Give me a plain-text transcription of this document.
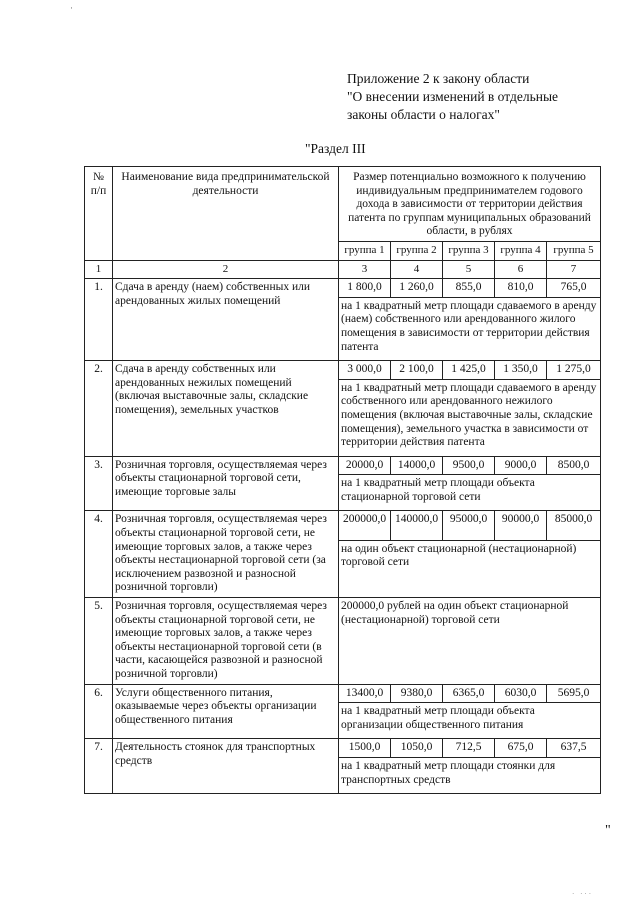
·
Приложение 2 к закону области
"О внесении изменений в отдельные
законы области о налогах"
"Раздел III
№ п/п	Наименование вида предпринимательской деятельности	Размер потенциально возможного к получению индивидуальным предпринимателем годового дохода в зависимости от территории действия патента по группам муниципальных образований области, в рублях				
		группа 1	группа 2	группа 3	группа 4	группа 5
1	2	3	4	5	6	7
1.	Сдача в аренду (наем) собственных или арендованных жилых помещений	1 800,0	1 260,0	855,0	810,0	765,0
		на 1 квадратный метр площади сдаваемого в аренду (наем) собственного или арендованного жилого помещения в зависимости от территории действия патента				
2.	Сдача в аренду собственных или арендованных нежилых помещений (включая выставочные залы, складские помещения), земельных участков	3 000,0	2 100,0	1 425,0	1 350,0	1 275,0
		на 1 квадратный метр площади сдаваемого в аренду собственного или арендованного нежилого помещения (включая выставочные залы, складские помещения), земельного участка в зависимости от территории действия патента				
3.	Розничная торговля, осуществляемая через объекты стационарной торговой сети, имеющие торговые залы	20000,0	14000,0	9500,0	9000,0	8500,0
		на 1 квадратный метр площади объекта стационарной торговой сети				
4.	Розничная торговля, осуществляемая через объекты стационарной торговой сети, не имеющие торговых залов, а также через объекты нестационарной торговой сети (за исключением развозной и разносной розничной торговли)	200000,0	140000,0	95000,0	90000,0	85000,0
		на один объект стационарной (нестационарной) торговой сети				
5.	Розничная торговля, осуществляемая через объекты стационарной торговой сети, не имеющие торговых залов, а также через объекты нестационарной торговой сети (в части, касающейся развозной и разносной розничной торговли)	200000,0 рублей на один объект стационарной (нестационарной) торговой сети				
6.	Услуги общественного питания, оказываемые через объекты организации общественного питания	13400,0	9380,0	6365,0	6030,0	5695,0
		на 1 квадратный метр площади объекта организации общественного питания				
7.	Деятельность стоянок для транспортных средств	1500,0	1050,0	712,5	675,0	637,5
		на 1 квадратный метр площади стоянки для транспортных средств				
"
· ···
